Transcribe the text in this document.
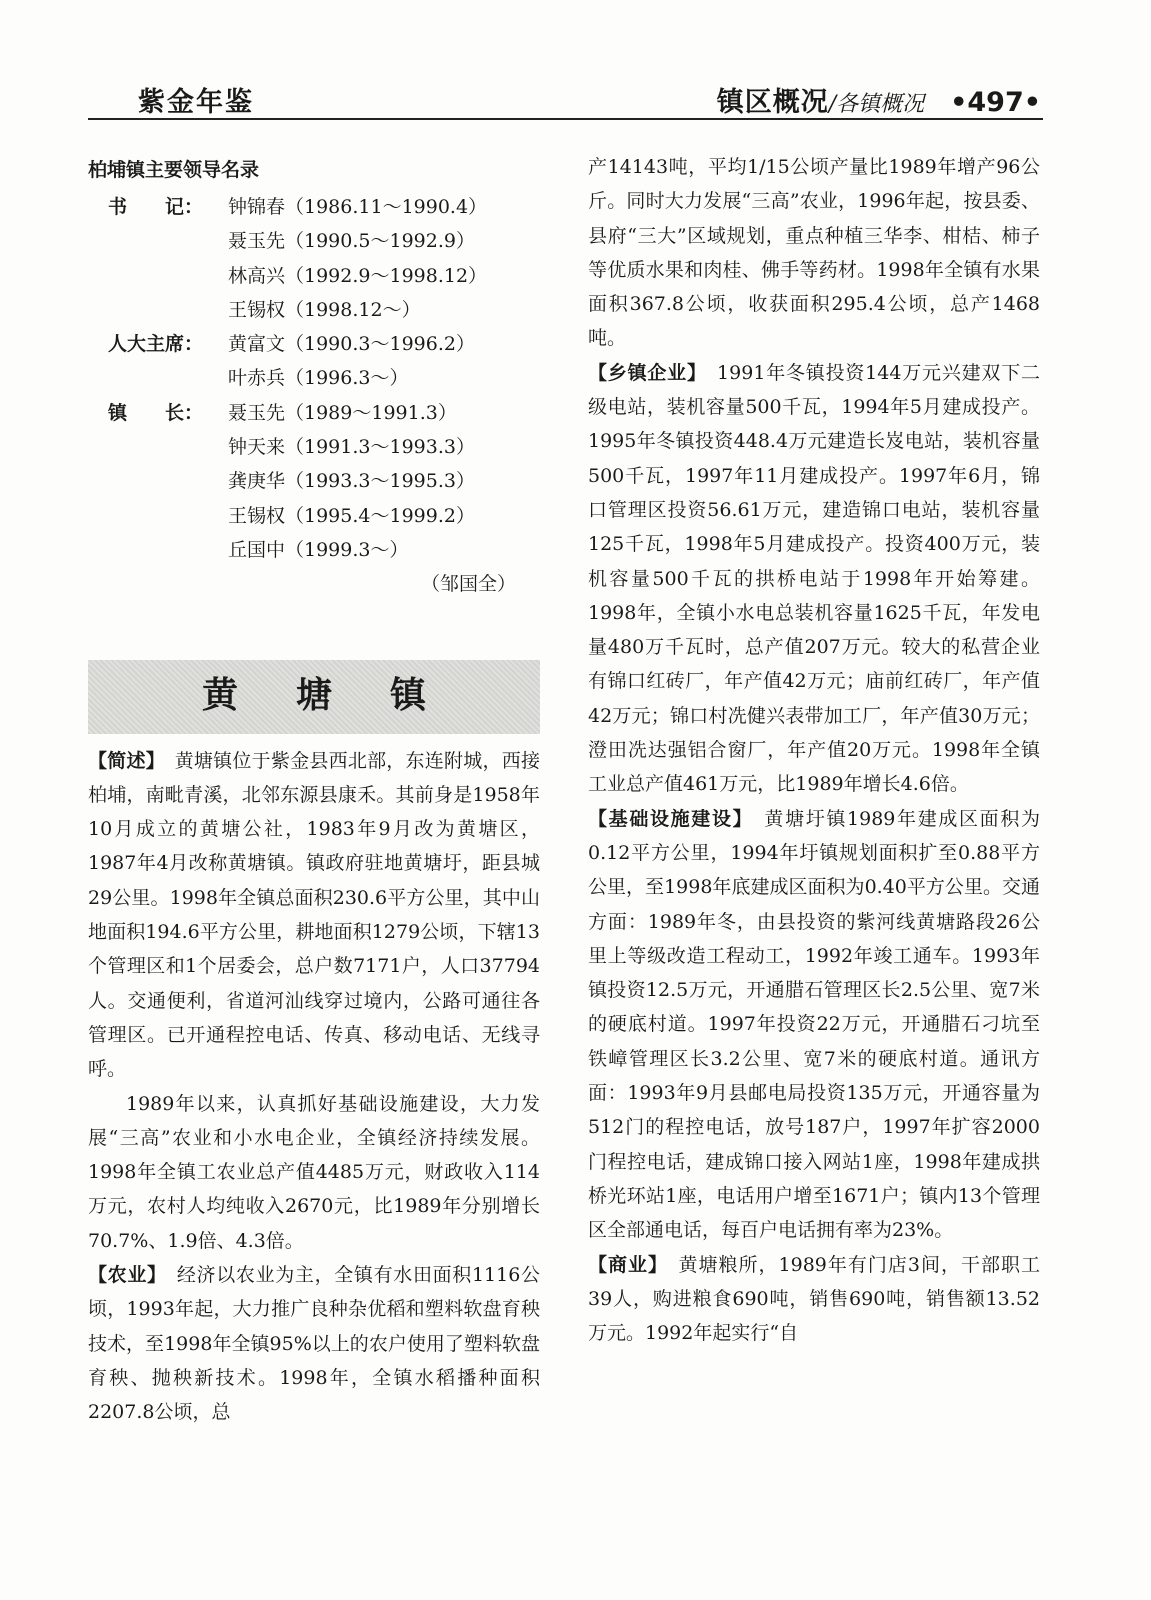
紫金年鉴	镇区概况/各镇概况 •497•
柏埔镇主要领导名录
书　　记：	钟锦春（1986.11～1990.4）
聂玉先（1990.5～1992.9）
林高兴（1992.9～1998.12）
王锡权（1998.12～）
人大主席：	黄富文（1990.3～1996.2）
叶赤兵（1996.3～）
镇　　长：	聂玉先（1989～1991.3）
钟天来（1991.3～1993.3）
龚庚华（1993.3～1995.3）
王锡权（1995.4～1999.2）
丘国中（1999.3～）

（邹国全）

黄塘镇

【简述】　黄塘镇位于紫金县西北部，东连附城，西接柏埔，南毗青溪，北邻东源县康禾。其前身是1958年10月成立的黄塘公社，1983年9月改为黄塘区，1987年4月改称黄塘镇。镇政府驻地黄塘圩，距县城29公里。1998年全镇总面积230.6平方公里，其中山地面积194.6平方公里，耕地面积1279公顷，下辖13个管理区和1个居委会，总户数7171户，人口37794人。交通便利，省道河汕线穿过境内，公路可通往各管理区。已开通程控电话、传真、移动电话、无线寻呼。

1989年以来，认真抓好基础设施建设，大力发展“三高”农业和小水电企业，全镇经济持续发展。1998年全镇工农业总产值4485万元，财政收入114万元，农村人均纯收入2670元，比1989年分别增长70.7%、1.9倍、4.3倍。

【农业】　经济以农业为主，全镇有水田面积1116公顷，1993年起，大力推广良种杂优稻和塑料软盘育秧技术，至1998年全镇95%以上的农户使用了塑料软盘育秧、抛秧新技术。1998年，全镇水稻播种面积2207.8公顷，总

产14143吨，平均1/15公顷产量比1989年增产96公斤。同时大力发展“三高”农业，1996年起，按县委、县府“三大”区域规划，重点种植三华李、柑桔、柿子等优质水果和肉桂、佛手等药材。1998年全镇有水果面积367.8公顷，收获面积295.4公顷，总产1468吨。

【乡镇企业】　1991年冬镇投资144万元兴建双下二级电站，装机容量500千瓦，1994年5月建成投产。1995年冬镇投资448.4万元建造长岌电站，装机容量500千瓦，1997年11月建成投产。1997年6月，锦口管理区投资56.61万元，建造锦口电站，装机容量125千瓦，1998年5月建成投产。投资400万元，装机容量500千瓦的拱桥电站于1998年开始筹建。1998年，全镇小水电总装机容量1625千瓦，年发电量480万千瓦时，总产值207万元。较大的私营企业有锦口红砖厂，年产值42万元；庙前红砖厂，年产值42万元；锦口村冼健兴表带加工厂，年产值30万元；澄田冼达强铝合窗厂，年产值20万元。1998年全镇工业总产值461万元，比1989年增长4.6倍。

【基础设施建设】　黄塘圩镇1989年建成区面积为0.12平方公里，1994年圩镇规划面积扩至0.88平方公里，至1998年底建成区面积为0.40平方公里。交通方面：1989年冬，由县投资的紫河线黄塘路段26公里上等级改造工程动工，1992年竣工通车。1993年镇投资12.5万元，开通腊石管理区长2.5公里、宽7米的硬底村道。1997年投资22万元，开通腊石刁坑至铁嶂管理区长3.2公里、宽7米的硬底村道。通讯方面：1993年9月县邮电局投资135万元，开通容量为512门的程控电话，放号187户，1997年扩容2000门程控电话，建成锦口接入网站1座，1998年建成拱桥光环站1座，电话用户增至1671户；镇内13个管理区全部通电话，每百户电话拥有率为23%。

【商业】　黄塘粮所，1989年有门店3间，干部职工39人，购进粮食690吨，销售690吨，销售额13.52万元。1992年起实行“自
